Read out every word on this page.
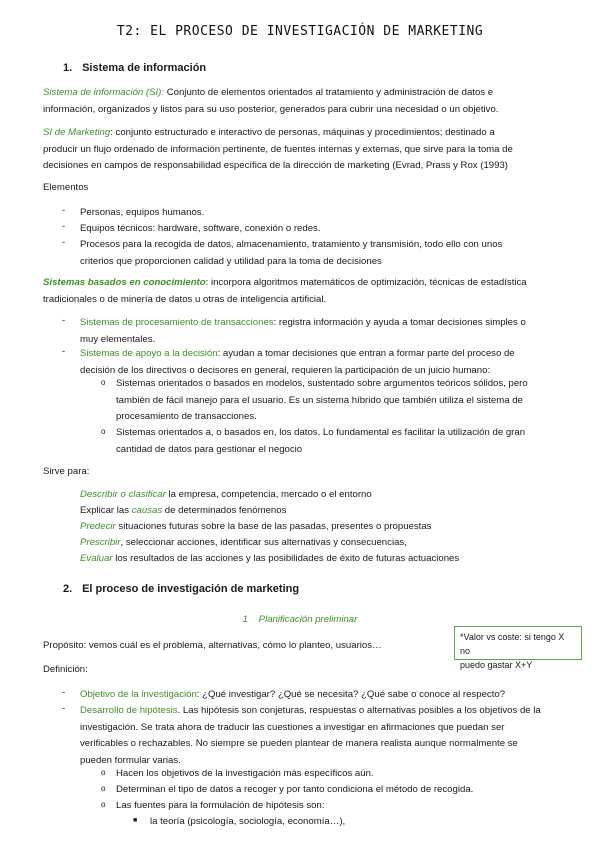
T2: EL PROCESO DE INVESTIGACIÓN DE MARKETING
1. Sistema de información
Sistema de información (SI): Conjunto de elementos orientados al tratamiento y administración de datos e
información, organizados y listos para su uso posterior, generados para cubrir una necesidad o un objetivo.
SI de Marketing: conjunto estructurado e interactivo de personas, máquinas y procedimientos; destinado a
producir un flujo ordenado de información pertinente, de fuentes internas y externas, que sirve para la toma de
decisiones en campos de responsabilidad específica de la dirección de marketing (Evrad, Prass y Rox (1993)
Elementos
- Personas, equipos humanos.
- Equipos técnicos: hardware, software, conexión o redes.
- Procesos para la recogida de datos, almacenamiento, tratamiento y transmisión, todo ello con unos
criterios que proporcionen calidad y utilidad para la toma de decisiones
Sistemas basados en conocimiento: incorpora algoritmos matemáticos de optimización, técnicas de estadística
tradicionales o de minería de datos u otras de inteligencia artificial.
- Sistemas de procesamiento de transacciones: registra información y ayuda a tomar decisiones simples o
muy elementales.
- Sistemas de apoyo a la decisión: ayudan a tomar decisiones que entran a formar parte del proceso de
decisión de los directivos o decisores en general, requieren la participación de un juicio humano:
o Sistemas orientados o basados en modelos, sustentado sobre argumentos teóricos sólidos, pero
también de fácil manejo para el usuario. Es un sistema híbrido que también utiliza el sistema de
procesamiento de transacciones.
o Sistemas orientados a, o basados en, los datos. Lo fundamental es facilitar la utilización de gran
cantidad de datos para gestionar el negocio
Sirve para:
Describir o clasificar la empresa, competencia, mercado o el entorno
Explicar las causas de determinados fenómenos
Predecir situaciones futuras sobre la base de las pasadas, presentes o propuestas
Prescribir, seleccionar acciones, identificar sus alternativas y consecuencias,
Evaluar los resultados de las acciones y las posibilidades de éxito de futuras actuaciones
2. El proceso de investigación de marketing
1 Planificación preliminar
Propósito: vemos cuál es el problema, alternativas, cómo lo planteo, usuarios…
*Valor vs coste: si tengo X no
puedo gastar X+Y
Definición:
- Objetivo de la investigación: ¿Qué investigar? ¿Qué se necesita? ¿Qué sabe o conoce al respecto?
- Desarrollo de hipótesis. Las hipótesis son conjeturas, respuestas o alternativas posibles a los objetivos de la
investigación. Se trata ahora de traducir las cuestiones a investigar en afirmaciones que puedan ser
verificables o rechazables. No siempre se pueden plantear de manera realista aunque normalmente se
pueden formular varias.
o Hacen los objetivos de la investigación más específicos aún.
o Determinan el tipo de datos a recoger y por tanto condiciona el método de recogida.
o Las fuentes para la formulación de hipótesis son:
■ la teoría (psicología, sociología, economía…),
